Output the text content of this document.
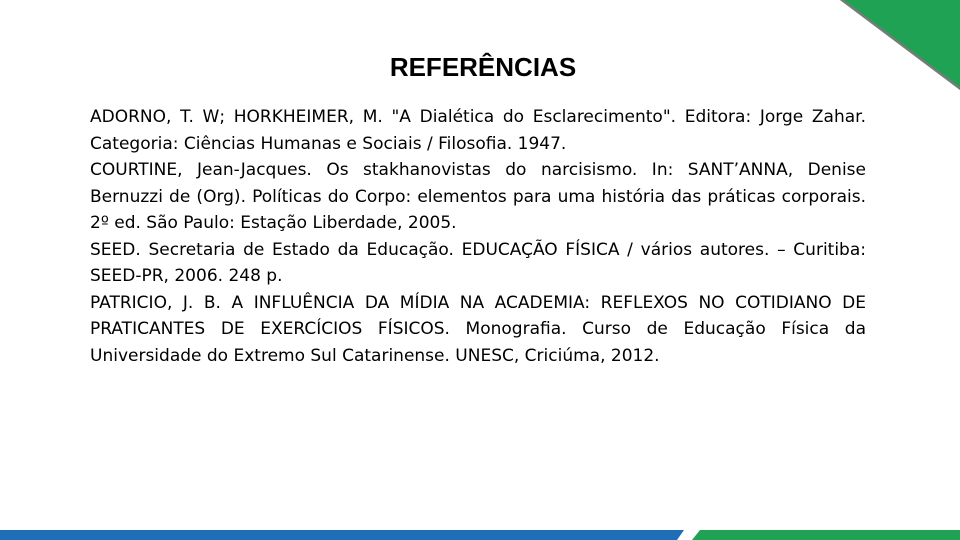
REFERÊNCIAS

ADORNO, T. W; HORKHEIMER, M. "A Dialética do Esclarecimento". Editora: Jorge Zahar. Categoria: Ciências Humanas e Sociais / Filosofia. 1947.

COURTINE, Jean-Jacques. Os stakhanovistas do narcisismo. In: SANT’ANNA, Denise Bernuzzi de (Org). Políticas do Corpo: elementos para uma história das práticas corporais. 2º ed. São Paulo: Estação Liberdade, 2005.

SEED. Secretaria de Estado da Educação. EDUCAÇÃO FÍSICA / vários autores. – Curitiba: SEED-PR, 2006. 248 p.

PATRICIO, J. B. A INFLUÊNCIA DA MÍDIA NA ACADEMIA: REFLEXOS NO COTIDIANO DE PRATICANTES DE EXERCÍCIOS FÍSICOS. Monografia. Curso de Educação Física da Universidade do Extremo Sul Catarinense. UNESC, Criciúma, 2012.
